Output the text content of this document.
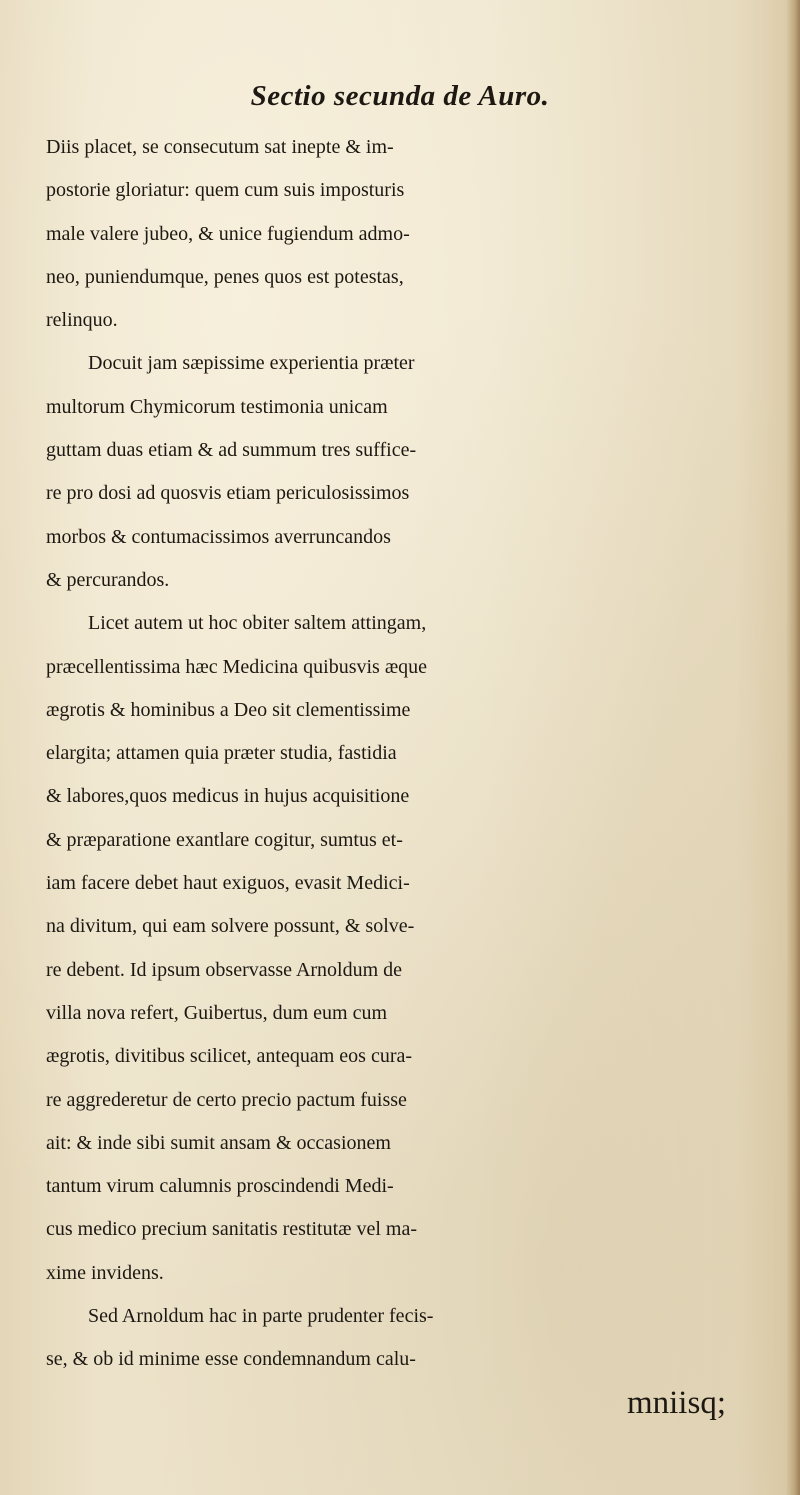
Sectio secunda de Auro.
Diis placet, se consecutum sat inepte & im-
postorie gloriatur: quem cum suis imposturis
male valere jubeo, & unice fugiendum admo-
neo, puniendumque, penes quos est potestas,
relinquo.
Docuit jam sæpissime experientia præter
multorum Chymicorum testimonia unicam
guttam duas etiam & ad summum tres suffice-
re pro dosi ad quosvis etiam periculosissimos
morbos & contumacissimos averruncandos
& percurandos.
Licet autem ut hoc obiter saltem attingam,
præcellentissima hæc Medicina quibusvis æque
ægrotis & hominibus a Deo sit clementissime
elargita; attamen quia præter studia, fastidia
& labores,quos medicus in hujus acquisitione
& præparatione exantlare cogitur, sumtus et-
iam facere debet haut exiguos, evasit Medici-
na divitum, qui eam solvere possunt, & solve-
re debent. Id ipsum observasse Arnoldum de
villa nova refert, Guibertus, dum eum cum
ægrotis, divitibus scilicet, antequam eos cura-
re aggrederetur de certo precio pactum fuisse
ait: & inde sibi sumit ansam & occasionem
tantum virum calumnis proscindendi Medi-
cus medico precium sanitatis restitutæ vel ma-
xime invidens.
Sed Arnoldum hac in parte prudenter fecis-
se, & ob id minime esse condemnandum calu-
mniisq;
